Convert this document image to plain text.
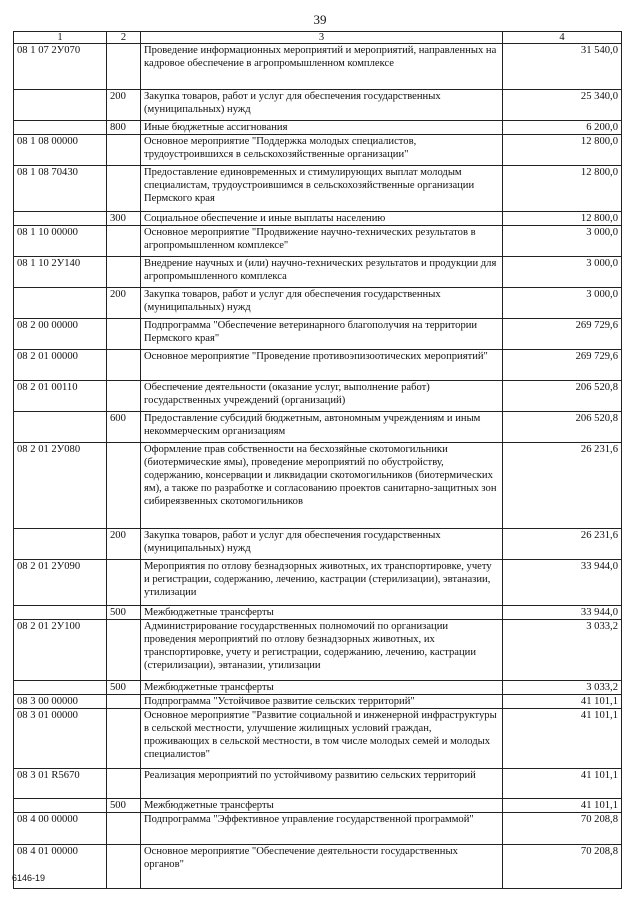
39
1	2	3	4
08 1 07 2У070		Проведение информационных мероприятий и мероприятий, направленных на кадровое обеспечение в агропромышленном комплексе	31 540,0
	200	Закупка товаров, работ и услуг для обеспечения государственных (муниципальных) нужд	25 340,0
	800	Иные бюджетные ассигнования	6 200,0
08 1 08 00000		Основное мероприятие "Поддержка молодых специалистов, трудоустроившихся в сельскохозяйственные организации"	12 800,0
08 1 08 70430		Предоставление единовременных и стимулирующих выплат молодым специалистам, трудоустроившимся в сельскохозяйственные организации Пермского края	12 800,0
	300	Социальное обеспечение и иные выплаты населению	12 800,0
08 1 10 00000		Основное мероприятие "Продвижение научно-технических результатов в агропромышленном комплексе"	3 000,0
08 1 10 2У140		Внедрение научных и (или) научно-технических результатов и продукции для агропромышленного комплекса	3 000,0
	200	Закупка товаров, работ и услуг для обеспечения государственных (муниципальных) нужд	3 000,0
08 2 00 00000		Подпрограмма "Обеспечение ветеринарного благополучия на территории Пермского края"	269 729,6
08 2 01 00000		Основное мероприятие "Проведение противоэпизоотических мероприятий"	269 729,6
08 2 01 00110		Обеспечение деятельности (оказание услуг, выполнение работ) государственных учреждений (организаций)	206 520,8
	600	Предоставление субсидий бюджетным, автономным учреждениям и иным некоммерческим организациям	206 520,8
08 2 01 2У080		Оформление прав собственности на бесхозяйные скотомогильники (биотермические ямы), проведение мероприятий по обустройству, содержанию, консервации и ликвидации скотомогильников (биотермических ям), а также по разработке и согласованию проектов санитарно-защитных зон сибиреязвенных скотомогильников	26 231,6
	200	Закупка товаров, работ и услуг для обеспечения государственных (муниципальных) нужд	26 231,6
08 2 01 2У090		Мероприятия по отлову безнадзорных животных, их транспортировке, учету и регистрации, содержанию, лечению, кастрации (стерилизации), эвтаназии, утилизации	33 944,0
	500	Межбюджетные трансферты	33 944,0
08 2 01 2У100		Администрирование государственных полномочий по организации проведения мероприятий по отлову безнадзорных животных, их транспортировке, учету и регистрации, содержанию, лечению, кастрации (стерилизации), эвтаназии, утилизации	3 033,2
	500	Межбюджетные трансферты	3 033,2
08 3 00 00000		Подпрограмма "Устойчивое развитие сельских территорий"	41 101,1
08 3 01 00000		Основное мероприятие "Развитие социальной и инженерной инфраструктуры в сельской местности, улучшение жилищных условий граждан, проживающих в сельской местности, в том числе молодых семей и молодых специалистов"	41 101,1
08 3 01 R5670		Реализация мероприятий по устойчивому развитию сельских территорий	41 101,1
	500	Межбюджетные трансферты	41 101,1
08 4 00 00000		Подпрограмма "Эффективное управление государственной программой"	70 208,8
08 4 01 00000		Основное мероприятие "Обеспечение деятельности государственных органов"	70 208,8
6146-19
